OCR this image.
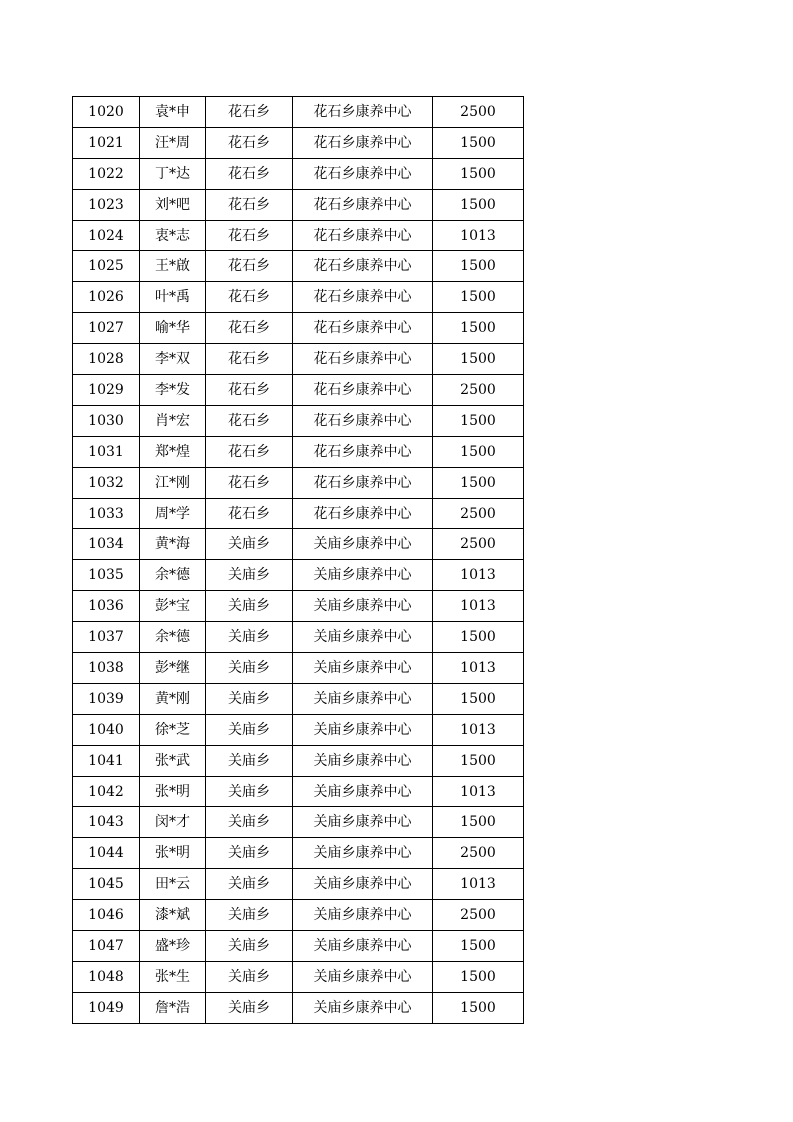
1020	袁*申	花石乡	花石乡康养中心	2500
1021	汪*周	花石乡	花石乡康养中心	1500
1022	丁*达	花石乡	花石乡康养中心	1500
1023	刘*吧	花石乡	花石乡康养中心	1500
1024	衷*志	花石乡	花石乡康养中心	1013
1025	王*啟	花石乡	花石乡康养中心	1500
1026	叶*禹	花石乡	花石乡康养中心	1500
1027	喻*华	花石乡	花石乡康养中心	1500
1028	李*双	花石乡	花石乡康养中心	1500
1029	李*发	花石乡	花石乡康养中心	2500
1030	肖*宏	花石乡	花石乡康养中心	1500
1031	郑*煌	花石乡	花石乡康养中心	1500
1032	江*刚	花石乡	花石乡康养中心	1500
1033	周*学	花石乡	花石乡康养中心	2500
1034	黄*海	关庙乡	关庙乡康养中心	2500
1035	余*德	关庙乡	关庙乡康养中心	1013
1036	彭*宝	关庙乡	关庙乡康养中心	1013
1037	余*德	关庙乡	关庙乡康养中心	1500
1038	彭*继	关庙乡	关庙乡康养中心	1013
1039	黄*刚	关庙乡	关庙乡康养中心	1500
1040	徐*芝	关庙乡	关庙乡康养中心	1013
1041	张*武	关庙乡	关庙乡康养中心	1500
1042	张*明	关庙乡	关庙乡康养中心	1013
1043	闵*才	关庙乡	关庙乡康养中心	1500
1044	张*明	关庙乡	关庙乡康养中心	2500
1045	田*云	关庙乡	关庙乡康养中心	1013
1046	漆*斌	关庙乡	关庙乡康养中心	2500
1047	盛*珍	关庙乡	关庙乡康养中心	1500
1048	张*生	关庙乡	关庙乡康养中心	1500
1049	詹*浩	关庙乡	关庙乡康养中心	1500
